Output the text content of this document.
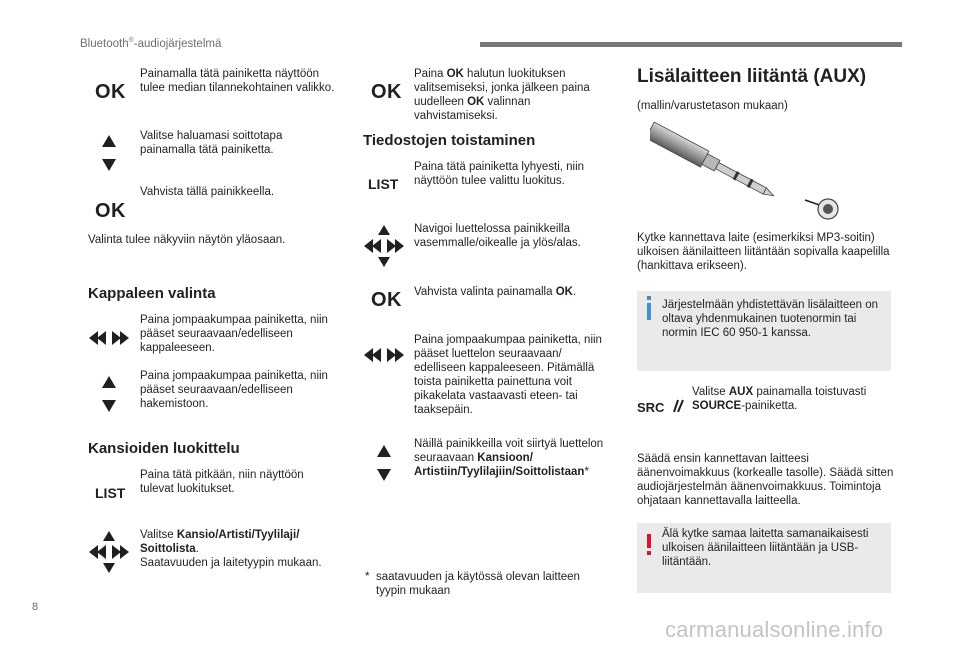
Bluetooth®-audiojärjestelmä
OK
Painamalla tätä painiketta näyttöön tulee median tilannekohtainen valikko.
Valitse haluamasi soittotapa painamalla tätä painiketta.
OK
Vahvista tällä painikkeella.
Valinta tulee näkyviin näytön yläosaan.
Kappaleen valinta
Paina jompaakumpaa painiketta, niin pääset seuraavaan/edelliseen kappaleeseen.
Paina jompaakumpaa painiketta, niin pääset seuraavaan/edelliseen hakemistoon.
Kansioiden luokittelu
LIST
Paina tätä pitkään, niin näyttöön tulevat luokitukset.
Valitse Kansio/Artisti/Tyylilaji/
Soittolista.
Saatavuuden ja laitetyypin mukaan.
OK
Paina OK halutun luokituksen valitsemiseksi, jonka jälkeen paina uudelleen OK valinnan vahvistamiseksi.
Tiedostojen toistaminen
LIST
Paina tätä painiketta lyhyesti, niin näyttöön tulee valittu luokitus.
Navigoi luettelossa painikkeilla vasemmalle/oikealle ja ylös/alas.
OK Vahvista valinta painamalla OK.
Paina jompaakumpaa painiketta, niin pääset luettelon seuraavaan/ edelliseen kappaleeseen. Pitämällä toista painiketta painettuna voit pikakelata vastaavasti eteen- tai taaksepäin.
Näillä painikkeilla voit siirtyä luettelon seuraavaan Kansioon/
Artistiin/Tyylilajiin/Soittolistaan*
* saatavuuden ja käytössä olevan laitteen tyypin mukaan
Lisälaitteen liitäntä (AUX)
(mallin/varustetason mukaan)
Kytke kannettava laite (esimerkiksi MP3-soitin) ulkoisen äänilaitteen liitäntään sopivalla kaapelilla (hankittava erikseen).
Järjestelmään yhdistettävän lisälaitteen on oltava yhdenmukainen tuotenormin tai normin IEC 60 950-1 kanssa.
SRC
Valitse AUX painamalla toistuvasti SOURCE-painiketta.
Säädä ensin kannettavan laitteesi äänenvoimakkuus (korkealle tasolle). Säädä sitten audiojärjestelmän äänenvoimakkuus. Toimintoja ohjataan kannettavalla laitteella.
Älä kytke samaa laitetta samanaikaisesti ulkoisen äänilaitteen liitäntään ja USB-liitäntään.
8
carmanualsonline.info
